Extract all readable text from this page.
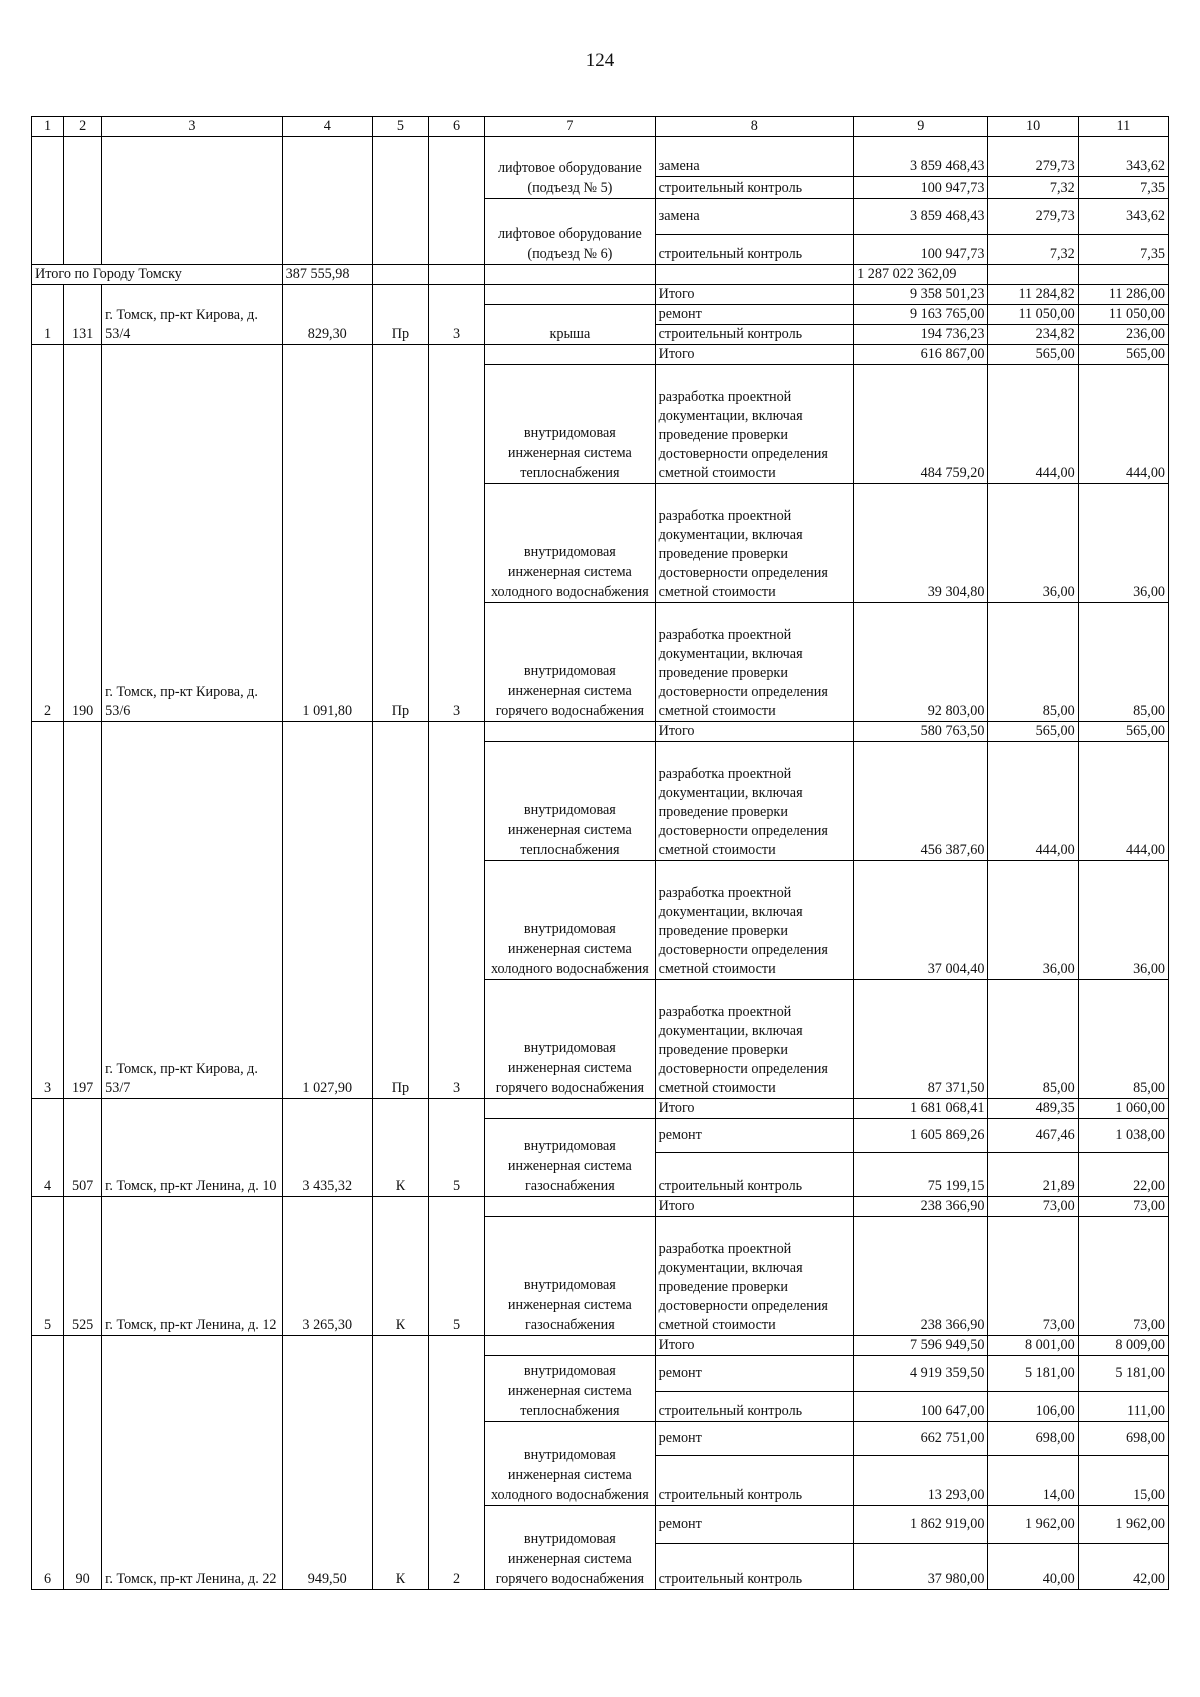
124
1	2	3	4	5	6	7	8	9	10	11
						лифтовое оборудование (подъезд № 5)	замена	3 859 468,43	279,73	343,62
							строительный контроль	100 947,73	7,32	7,35
						лифтовое оборудование (подъезд № 6)	замена	3 859 468,43	279,73	343,62
							строительный контроль	100 947,73	7,32	7,35
Итого по Городу Томску			387 555,98					1 287 022 362,09		
1	131	г. Томск, пр-кт Кирова, д. 53/4	829,30	Пр	3		Итого	9 358 501,23	11 284,82	11 286,00
						крыша	ремонт	9 163 765,00	11 050,00	11 050,00
							строительный контроль	194 736,23	234,82	236,00
2	190	г. Томск, пр-кт Кирова, д. 53/6	1 091,80	Пр	3		Итого	616 867,00	565,00	565,00
						внутридомовая инженерная система теплоснабжения	разработка проектной документации, включая проведение проверки достоверности определения сметной стоимости	484 759,20	444,00	444,00
						внутридомовая инженерная система холодного водоснабжения	разработка проектной документации, включая проведение проверки достоверности определения сметной стоимости	39 304,80	36,00	36,00
						внутридомовая инженерная система горячего водоснабжения	разработка проектной документации, включая проведение проверки достоверности определения сметной стоимости	92 803,00	85,00	85,00
3	197	г. Томск, пр-кт Кирова, д. 53/7	1 027,90	Пр	3		Итого	580 763,50	565,00	565,00
						внутридомовая инженерная система теплоснабжения	разработка проектной документации, включая проведение проверки достоверности определения сметной стоимости	456 387,60	444,00	444,00
						внутридомовая инженерная система холодного водоснабжения	разработка проектной документации, включая проведение проверки достоверности определения сметной стоимости	37 004,40	36,00	36,00
						внутридомовая инженерная система горячего водоснабжения	разработка проектной документации, включая проведение проверки достоверности определения сметной стоимости	87 371,50	85,00	85,00
4	507	г. Томск, пр-кт Ленина, д. 10	3 435,32	К	5		Итого	1 681 068,41	489,35	1 060,00
						внутридомовая инженерная система газоснабжения	ремонт	1 605 869,26	467,46	1 038,00
							строительный контроль	75 199,15	21,89	22,00
5	525	г. Томск, пр-кт Ленина, д. 12	3 265,30	К	5		Итого	238 366,90	73,00	73,00
						внутридомовая инженерная система газоснабжения	разработка проектной документации, включая проведение проверки достоверности определения сметной стоимости	238 366,90	73,00	73,00
6	90	г. Томск, пр-кт Ленина, д. 22	949,50	К	2		Итого	7 596 949,50	8 001,00	8 009,00
						внутридомовая инженерная система теплоснабжения	ремонт	4 919 359,50	5 181,00	5 181,00
							строительный контроль	100 647,00	106,00	111,00
						внутридомовая инженерная система холодного водоснабжения	ремонт	662 751,00	698,00	698,00
							строительный контроль	13 293,00	14,00	15,00
						внутридомовая инженерная система горячего водоснабжения	ремонт	1 862 919,00	1 962,00	1 962,00
							строительный контроль	37 980,00	40,00	42,00
